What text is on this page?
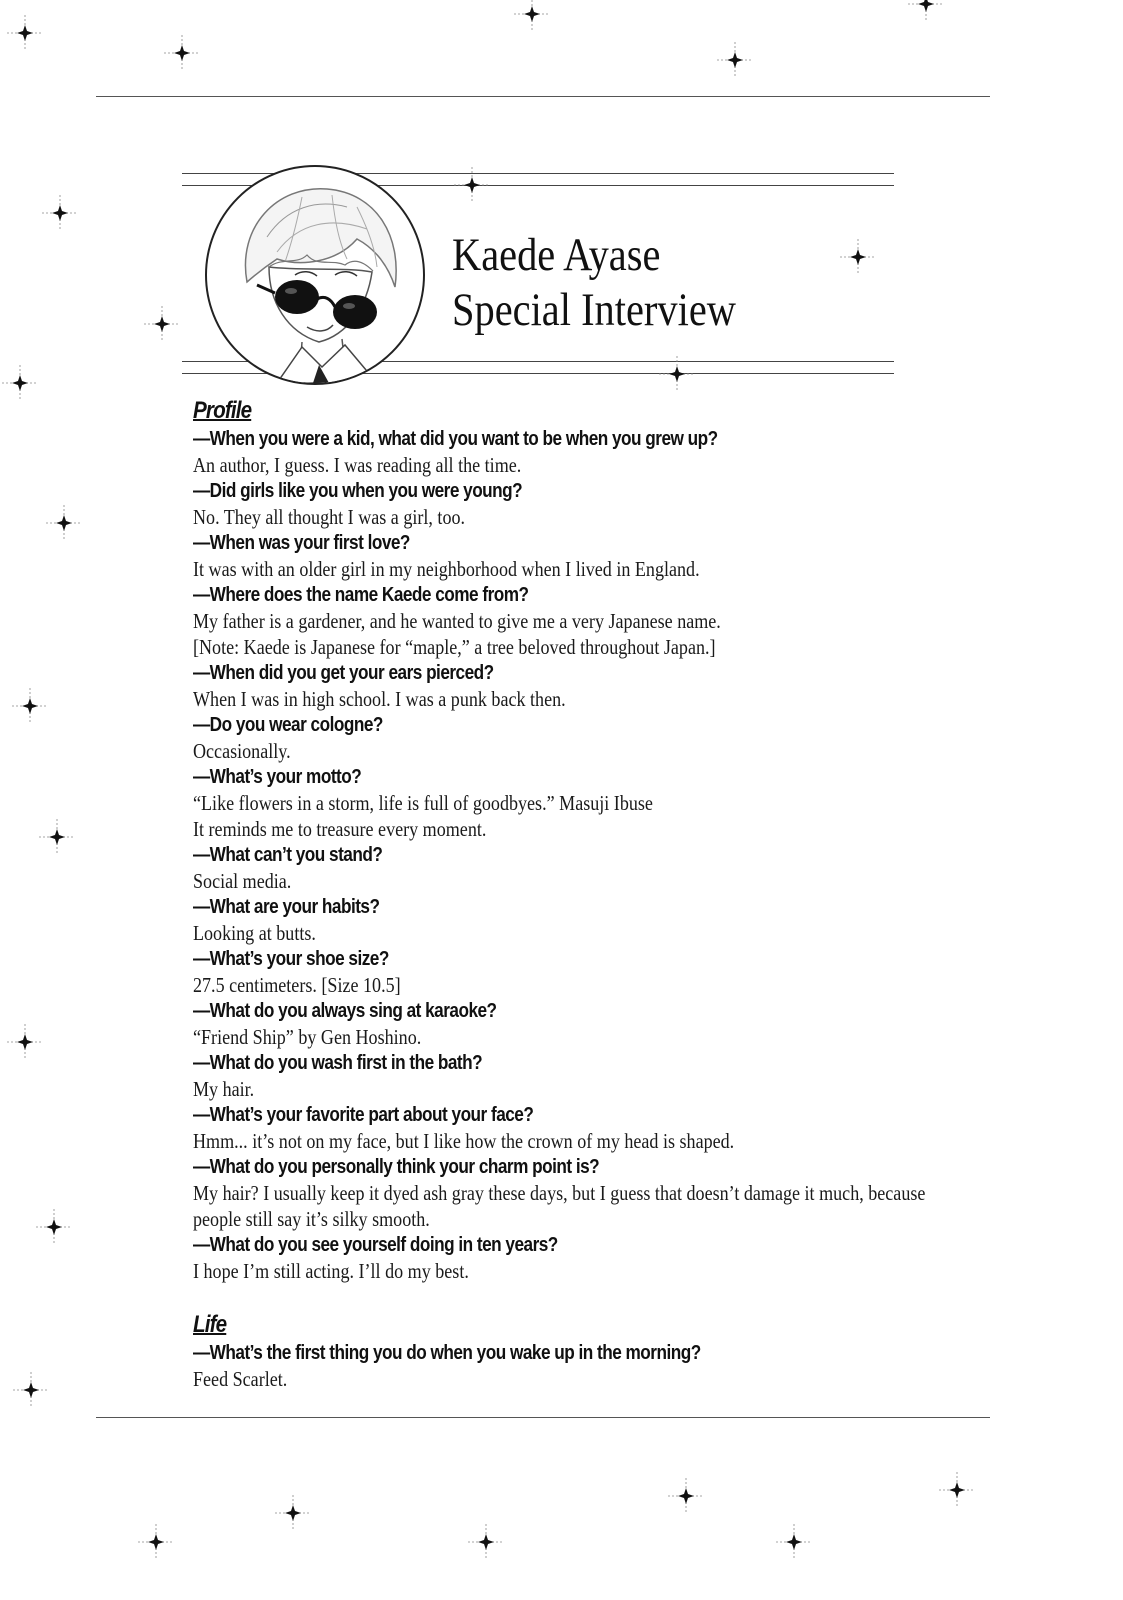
Kaede Ayase
Special Interview
Profile
—When you were a kid, what did you want to be when you grew up?
An author, I guess. I was reading all the time.
—Did girls like you when you were young?
No. They all thought I was a girl, too.
—When was your first love?
It was with an older girl in my neighborhood when I lived in England.
—Where does the name Kaede come from?
My father is a gardener, and he wanted to give me a very Japanese name.
[Note: Kaede is Japanese for “maple,” a tree beloved throughout Japan.]
—When did you get your ears pierced?
When I was in high school. I was a punk back then.
—Do you wear cologne?
Occasionally.
—What’s your motto?
“Like flowers in a storm, life is full of goodbyes.” Masuji Ibuse
It reminds me to treasure every moment.
—What can’t you stand?
Social media.
—What are your habits?
Looking at butts.
—What’s your shoe size?
27.5 centimeters. [Size 10.5]
—What do you always sing at karaoke?
“Friend Ship” by Gen Hoshino.
—What do you wash first in the bath?
My hair.
—What’s your favorite part about your face?
Hmm... it’s not on my face, but I like how the crown of my head is shaped.
—What do you personally think your charm point is?
My hair? I usually keep it dyed ash gray these days, but I guess that doesn’t damage it much, because
people still say it’s silky smooth.
—What do you see yourself doing in ten years?
I hope I’m still acting. I’ll do my best.
Life
—What’s the first thing you do when you wake up in the morning?
Feed Scarlet.
